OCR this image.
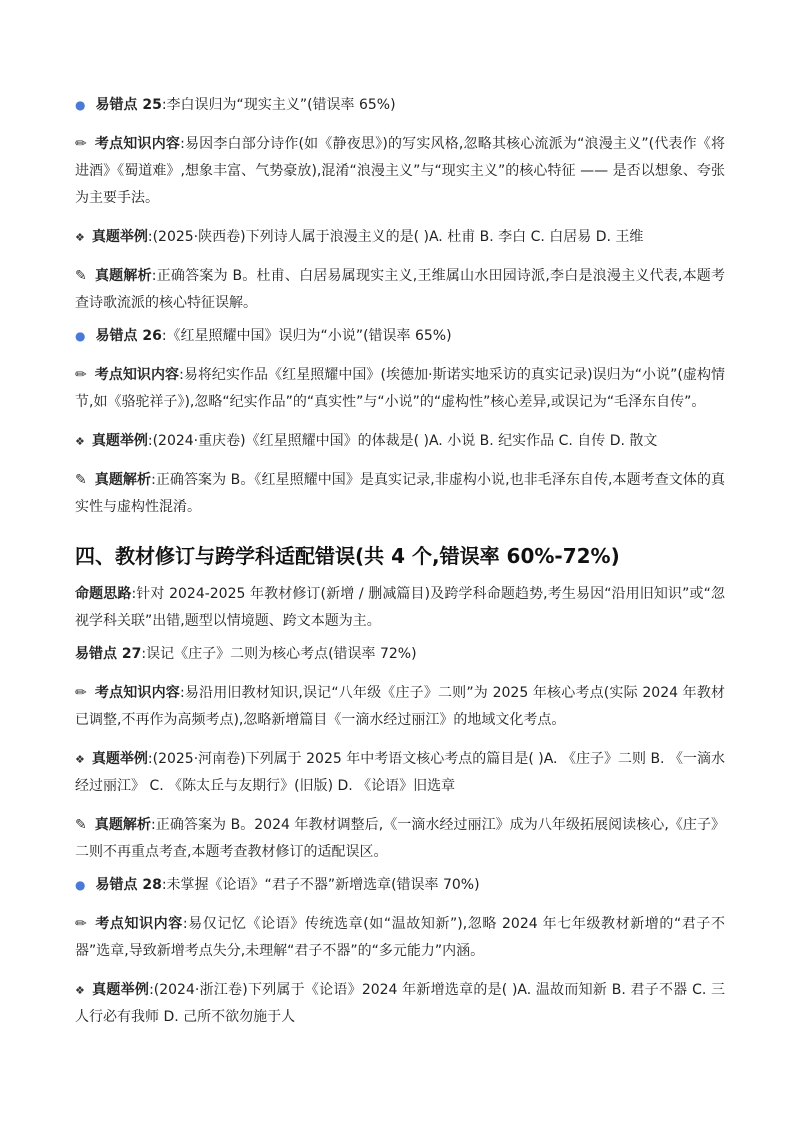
● 易错点 25:李白误归为“现实主义”(错误率 65%)

✏ 考点知识内容:易因李白部分诗作(如《静夜思》)的写实风格,忽略其核心流派为“浪漫主义”(代表作《将进酒》《蜀道难》,想象丰富、气势豪放),混淆“浪漫主义”与“现实主义”的核心特征 —— 是否以想象、夸张为主要手法。

❖ 真题举例:(2025·陕西卷)下列诗人属于浪漫主义的是( )A. 杜甫 B. 李白 C. 白居易 D. 王维

✎ 真题解析:正确答案为 B。杜甫、白居易属现实主义,王维属山水田园诗派,李白是浪漫主义代表,本题考查诗歌流派的核心特征误解。

● 易错点 26:《红星照耀中国》误归为“小说”(错误率 65%)

✏ 考点知识内容:易将纪实作品《红星照耀中国》(埃德加·斯诺实地采访的真实记录)误归为“小说”(虚构情节,如《骆驼祥子》),忽略“纪实作品”的“真实性”与“小说”的“虚构性”核心差异,或误记为“毛泽东自传”。

❖ 真题举例:(2024·重庆卷)《红星照耀中国》的体裁是( )A. 小说 B. 纪实作品 C. 自传 D. 散文

✎ 真题解析:正确答案为 B。《红星照耀中国》是真实记录,非虚构小说,也非毛泽东自传,本题考查文体的真实性与虚构性混淆。

四、教材修订与跨学科适配错误(共 4 个,错误率 60%-72%)

命题思路:针对 2024-2025 年教材修订(新增 / 删减篇目)及跨学科命题趋势,考生易因“沿用旧知识”或“忽视学科关联”出错,题型以情境题、跨文本题为主。

易错点 27:误记《庄子》二则为核心考点(错误率 72%)

✏ 考点知识内容:易沿用旧教材知识,误记“八年级《庄子》二则”为 2025 年核心考点(实际 2024 年教材已调整,不再作为高频考点),忽略新增篇目《一滴水经过丽江》的地域文化考点。

❖ 真题举例:(2025·河南卷)下列属于 2025 年中考语文核心考点的篇目是( )A. 《庄子》二则 B. 《一滴水经过丽江》 C. 《陈太丘与友期行》(旧版) D. 《论语》旧选章

✎ 真题解析:正确答案为 B。2024 年教材调整后,《一滴水经过丽江》成为八年级拓展阅读核心,《庄子》二则不再重点考查,本题考查教材修订的适配误区。

● 易错点 28:未掌握《论语》“君子不器”新增选章(错误率 70%)

✏ 考点知识内容:易仅记忆《论语》传统选章(如“温故知新”),忽略 2024 年七年级教材新增的“君子不器”选章,导致新增考点失分,未理解“君子不器”的“多元能力”内涵。

❖ 真题举例:(2024·浙江卷)下列属于《论语》2024 年新增选章的是( )A. 温故而知新 B. 君子不器 C. 三人行必有我师 D. 己所不欲勿施于人
